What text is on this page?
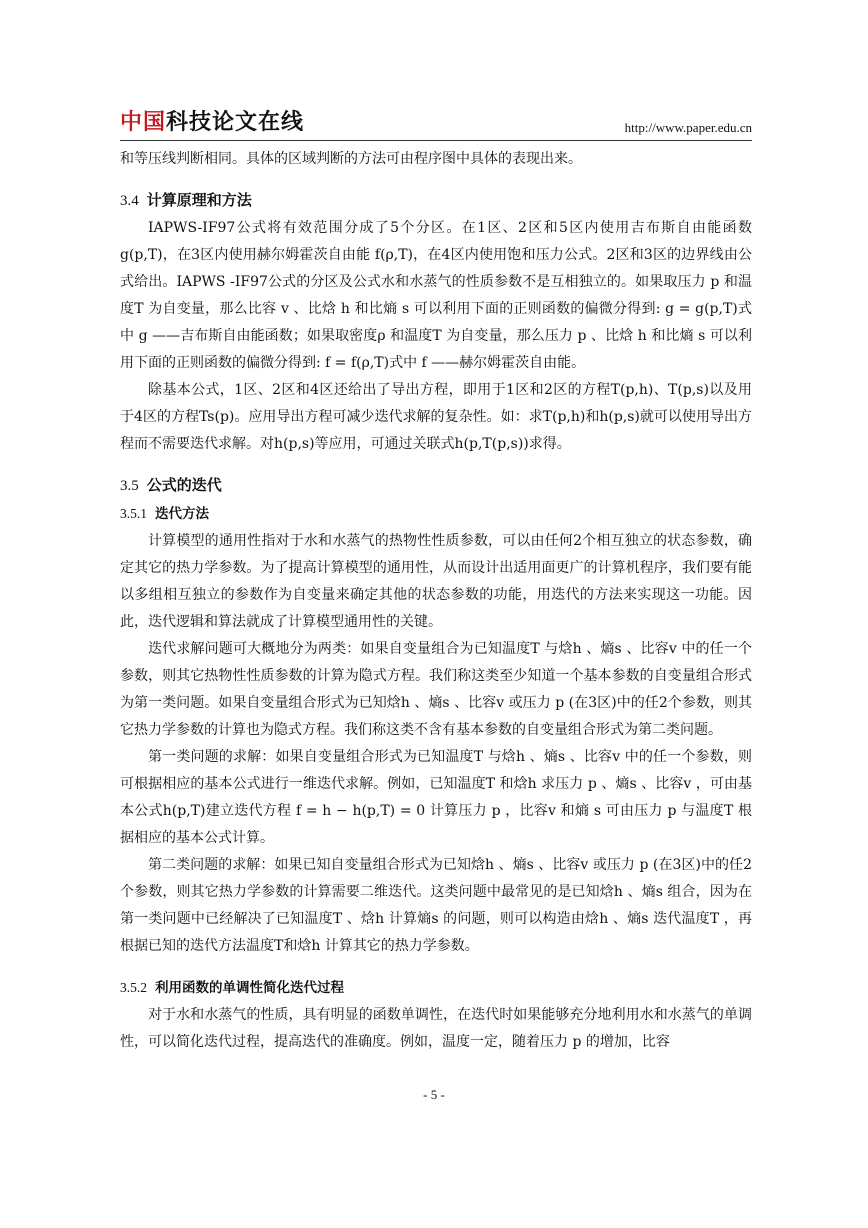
中国科技论文在线	http://www.paper.edu.cn

和等压线判断相同。具体的区域判断的方法可由程序图中具体的表现出来。

3.4 计算原理和方法

IAPWS-IF97公式将有效范围分成了5个分区。在1区、2区和5区内使用吉布斯自由能函数 g(p,T)，在3区内使用赫尔姆霍茨自由能 f(ρ,T)，在4区内使用饱和压力公式。2区和3区的边界线由公式给出。IAPWS -IF97公式的分区及公式水和水蒸气的性质参数不是互相独立的。如果取压力 p 和温度T 为自变量，那么比容 v 、比焓 h 和比熵 s 可以利用下面的正则函数的偏微分得到: g = g(p,T)式中 g ——吉布斯自由能函数；如果取密度ρ 和温度T 为自变量，那么压力 p 、比焓 h 和比熵 s 可以利用下面的正则函数的偏微分得到: f = f(ρ,T)式中 f ——赫尔姆霍茨自由能。

除基本公式，1区、2区和4区还给出了导出方程，即用于1区和2区的方程T(p,h)、T(p,s)以及用于4区的方程Ts(p)。应用导出方程可减少迭代求解的复杂性。如：求T(p,h)和h(p,s)就可以使用导出方程而不需要迭代求解。对h(p,s)等应用，可通过关联式h(p,T(p,s))求得。

3.5 公式的迭代
3.5.1 迭代方法

计算模型的通用性指对于水和水蒸气的热物性性质参数，可以由任何2个相互独立的状态参数，确定其它的热力学参数。为了提高计算模型的通用性，从而设计出适用面更广的计算机程序，我们要有能以多组相互独立的参数作为自变量来确定其他的状态参数的功能，用迭代的方法来实现这一功能。因此，迭代逻辑和算法就成了计算模型通用性的关键。

迭代求解问题可大概地分为两类：如果自变量组合为已知温度T 与焓h 、熵s 、比容v 中的任一个参数，则其它热物性性质参数的计算为隐式方程。我们称这类至少知道一个基本参数的自变量组合形式为第一类问题。如果自变量组合形式为已知焓h 、熵s 、比容v 或压力 p (在3区)中的任2个参数，则其它热力学参数的计算也为隐式方程。我们称这类不含有基本参数的自变量组合形式为第二类问题。

第一类问题的求解：如果自变量组合形式为已知温度T 与焓h 、熵s 、比容v 中的任一个参数，则可根据相应的基本公式进行一维迭代求解。例如，已知温度T 和焓h 求压力 p 、熵s 、比容v ，可由基本公式h(p,T)建立迭代方程 f = h − h(p,T) = 0 计算压力 p ，比容v 和熵 s 可由压力 p 与温度T 根据相应的基本公式计算。

第二类问题的求解：如果已知自变量组合形式为已知焓h 、熵s 、比容v 或压力 p (在3区)中的任2个参数，则其它热力学参数的计算需要二维迭代。这类问题中最常见的是已知焓h 、熵s 组合，因为在第一类问题中已经解决了已知温度T 、焓h 计算熵s 的问题，则可以构造由焓h 、熵s 迭代温度T ，再根据已知的迭代方法温度T和焓h 计算其它的热力学参数。

3.5.2 利用函数的单调性简化迭代过程

对于水和水蒸气的性质，具有明显的函数单调性，在迭代时如果能够充分地利用水和水蒸气的单调性，可以简化迭代过程，提高迭代的准确度。例如，温度一定，随着压力 p 的增加，比容

- 5 -
